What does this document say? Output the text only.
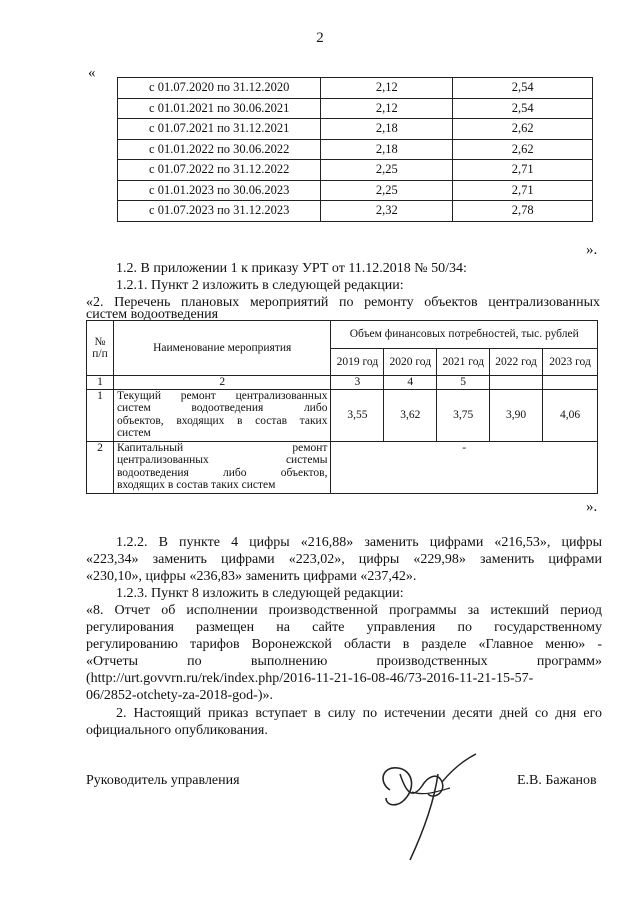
2
«
с 01.07.2020 по 31.12.2020	2,12	2,54
с 01.01.2021 по 30.06.2021	2,12	2,54
с 01.07.2021 по 31.12.2021	2,18	2,62
с 01.01.2022 по 30.06.2022	2,18	2,62
с 01.07.2022 по 31.12.2022	2,25	2,71
с 01.01.2023 по 30.06.2023	2,25	2,71
с 01.07.2023 по 31.12.2023	2,32	2,78
».
1.2. В приложении 1 к приказу УРТ от 11.12.2018 № 50/34:
1.2.1. Пункт 2 изложить в следующей редакции:
«2. Перечень плановых мероприятий по ремонту объектов централизованных
систем водоотведения
№ п/п	Наименование мероприятия	Объем финансовых потребностей, тыс. рублей				
		2019 год	2020 год	2021 год	2022 год	2023 год
1	2	3	4	5		
1	Текущий ремонт централизованных
систем водоотведения либо
объектов, входящих в состав таких
систем	3,55	3,62	3,75	3,90	4,06
2	Капитальный ремонт
централизованных системы
водоотведения либо объектов,
входящих в состав таких систем	-				
».
1.2.2. В пункте 4 цифры «216,88» заменить цифрами «216,53», цифры
«223,34» заменить цифрами «223,02», цифры «229,98» заменить цифрами
«230,10», цифры «236,83» заменить цифрами «237,42».
1.2.3. Пункт 8 изложить в следующей редакции:
«8. Отчет об исполнении производственной программы за истекший период
регулирования размещен на сайте управления по государственному
регулированию тарифов Воронежской области в разделе «Главное меню» -
«Отчеты по выполнению производственных программ»
(http://urt.govvrn.ru/rek/index.php/2016-11-21-16-08-46/73-2016-11-21-15-57-
06/2852-otchety-za-2018-god-)».
2. Настоящий приказ вступает в силу по истечении десяти дней со дня его
официального опубликования.
Руководитель управления	Е.В. Бажанов
